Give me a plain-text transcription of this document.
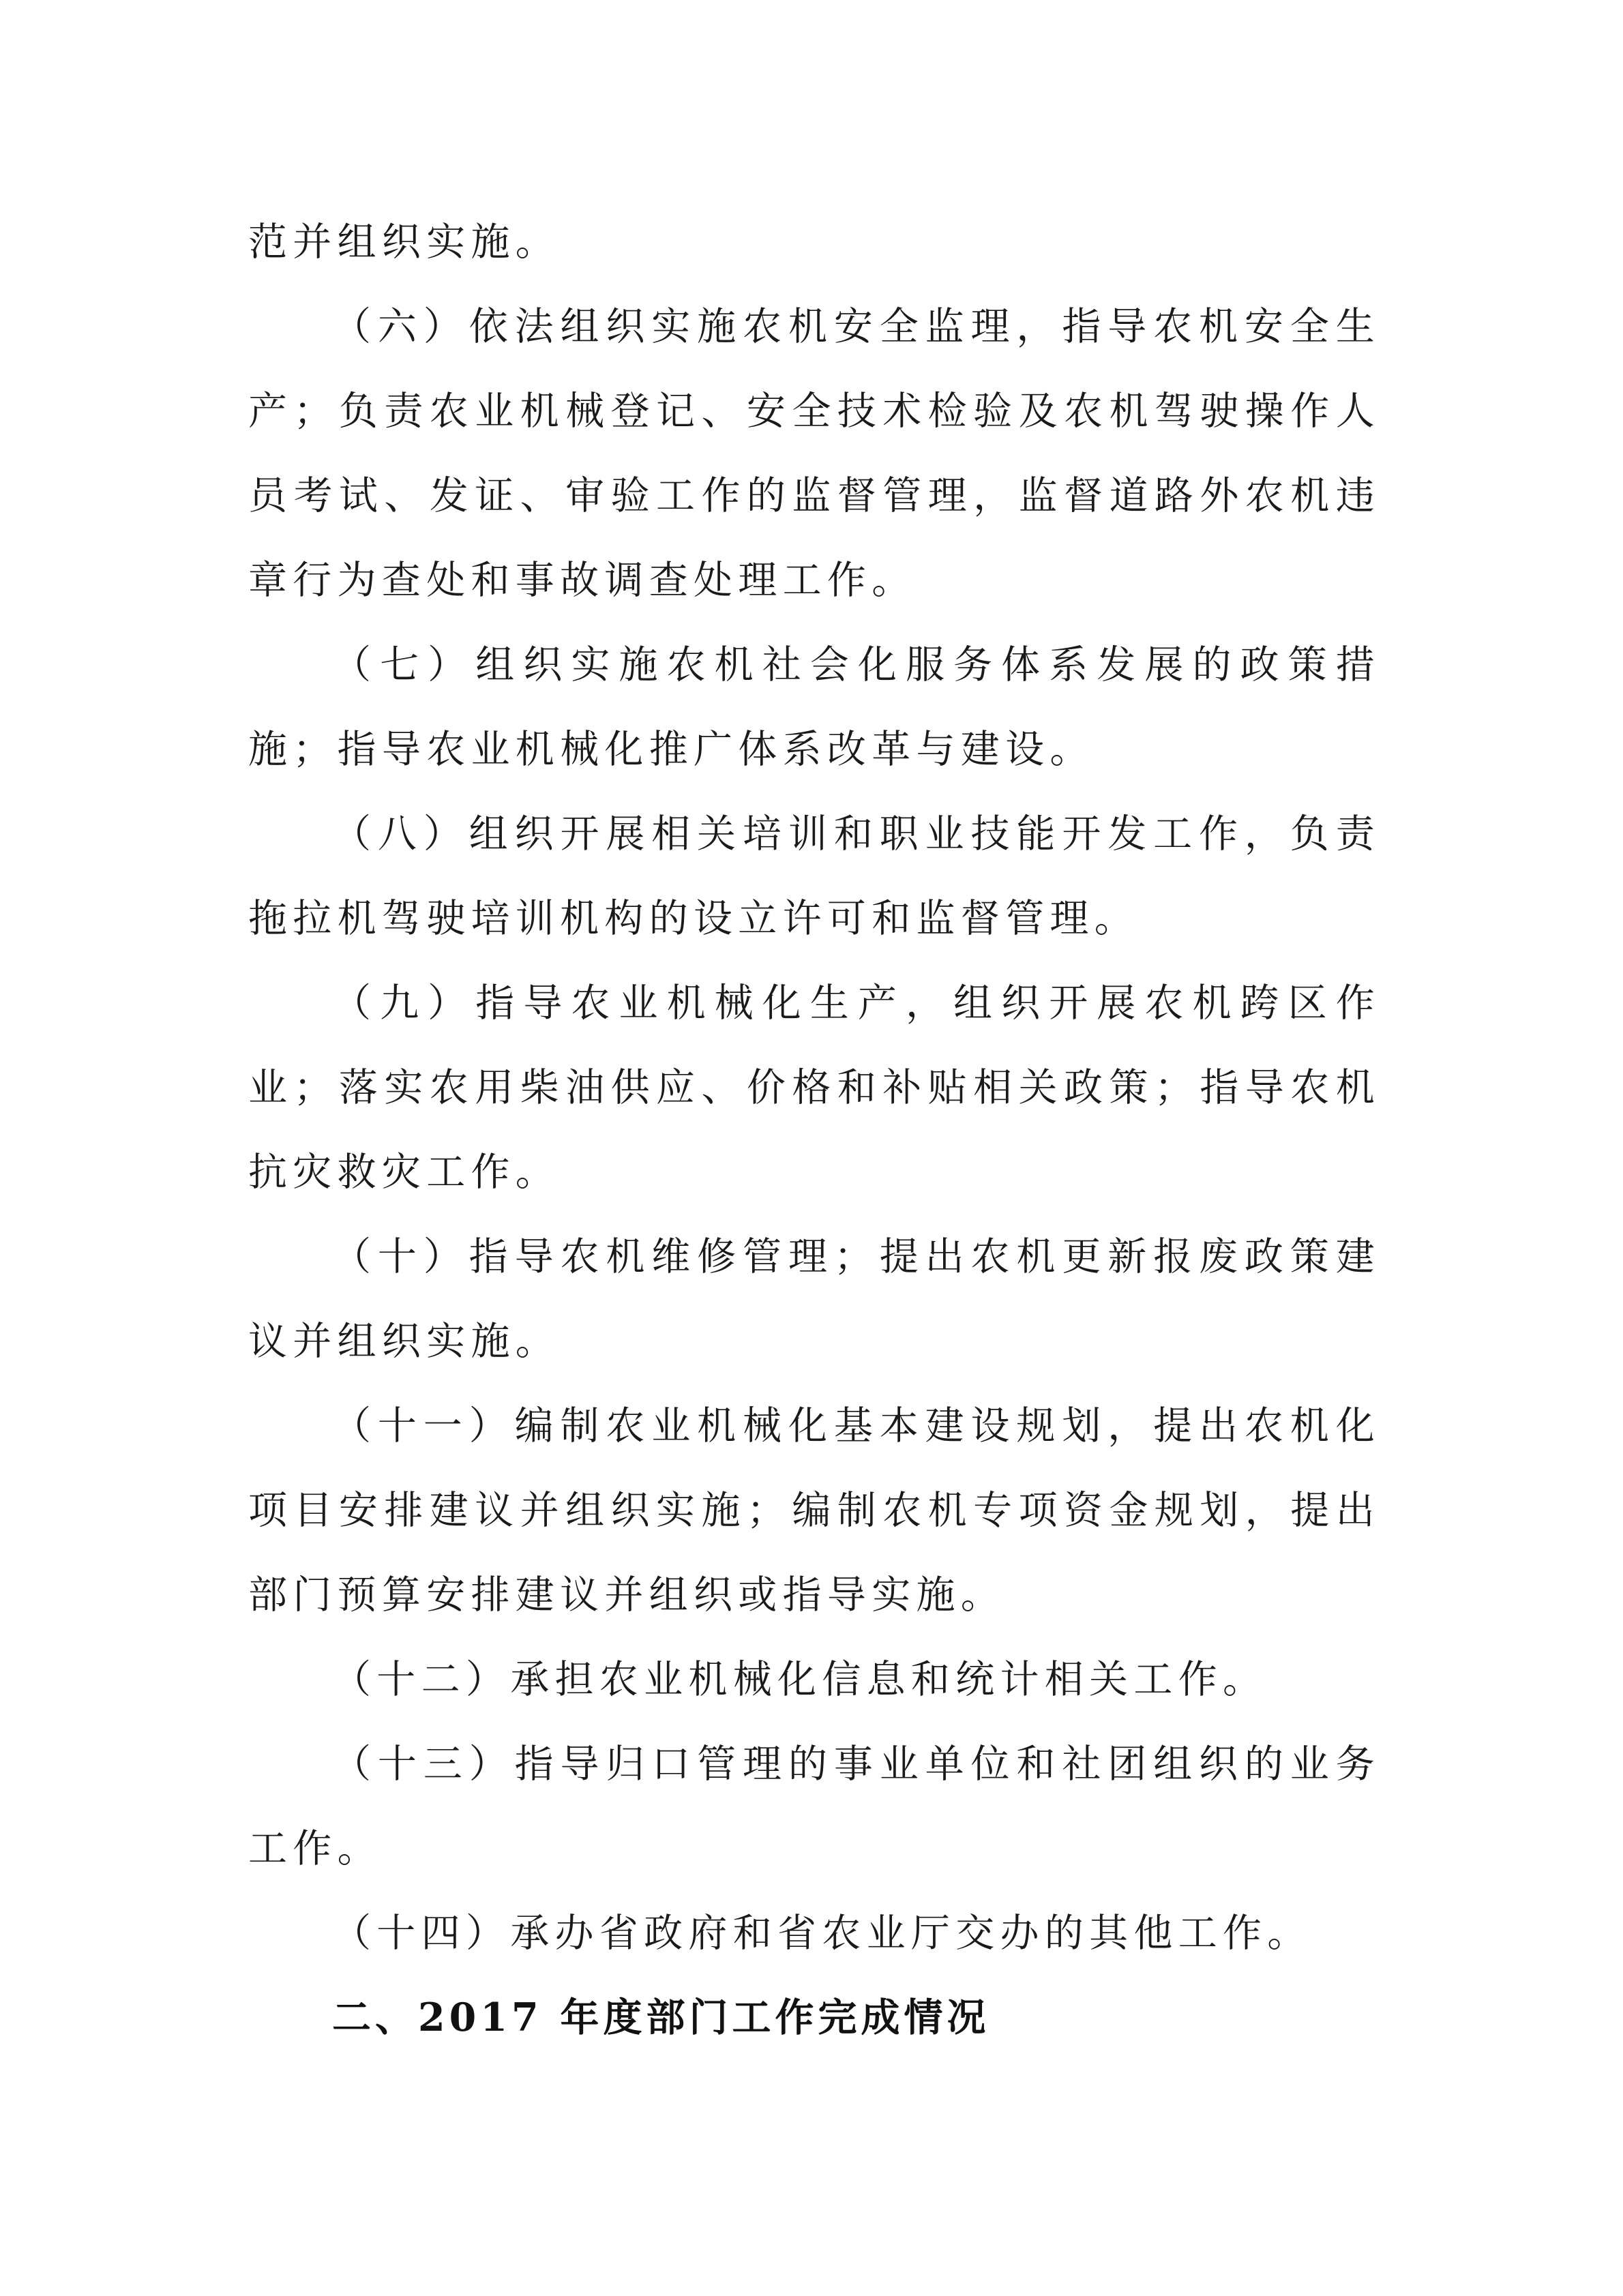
范并组织实施。

（六）依法组织实施农机安全监理，指导农机安全生产；负责农业机械登记、安全技术检验及农机驾驶操作人员考试、发证、审验工作的监督管理，监督道路外农机违章行为查处和事故调查处理工作。

（七）组织实施农机社会化服务体系发展的政策措施；指导农业机械化推广体系改革与建设。

（八）组织开展相关培训和职业技能开发工作，负责拖拉机驾驶培训机构的设立许可和监督管理。

（九）指导农业机械化生产，组织开展农机跨区作业；落实农用柴油供应、价格和补贴相关政策；指导农机抗灾救灾工作。

（十）指导农机维修管理；提出农机更新报废政策建议并组织实施。

（十一）编制农业机械化基本建设规划，提出农机化项目安排建议并组织实施；编制农机专项资金规划，提出部门预算安排建议并组织或指导实施。

（十二）承担农业机械化信息和统计相关工作。

（十三）指导归口管理的事业单位和社团组织的业务工作。

（十四）承办省政府和省农业厅交办的其他工作。

二、2017 年度部门工作完成情况
